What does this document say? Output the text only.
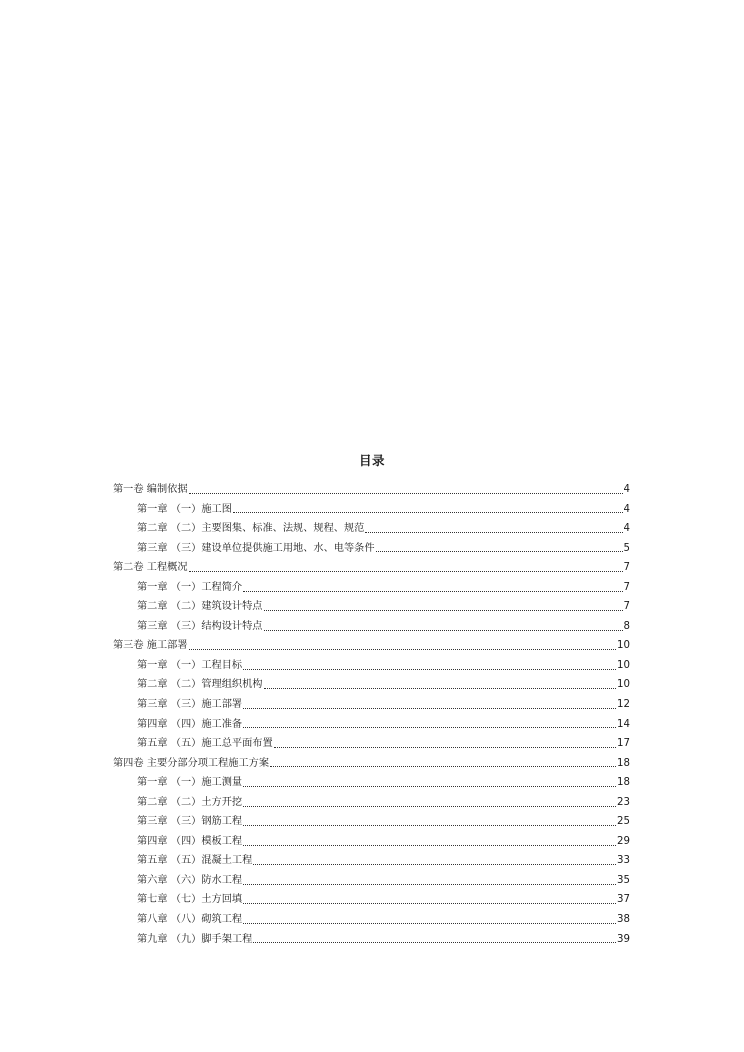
目录
第一卷 编制依据	4
第一章 （一）施工图	4
第二章 （二）主要图集、标准、法规、规程、规范	4
第三章 （三）建设单位提供施工用地、水、电等条件	5
第二卷 工程概况	7
第一章 （一）工程简介	7
第二章 （二）建筑设计特点	7
第三章 （三）结构设计特点	8
第三卷 施工部署	10
第一章 （一）工程目标	10
第二章 （二）管理组织机构	10
第三章 （三）施工部署	12
第四章 （四）施工准备	14
第五章 （五）施工总平面布置	17
第四卷 主要分部分项工程施工方案	18
第一章 （一）施工测量	18
第二章 （二）土方开挖	23
第三章 （三）钢筋工程	25
第四章 （四）模板工程	29
第五章 （五）混凝土工程	33
第六章 （六）防水工程	35
第七章 （七）土方回填	37
第八章 （八）砌筑工程	38
第九章 （九）脚手架工程	39
